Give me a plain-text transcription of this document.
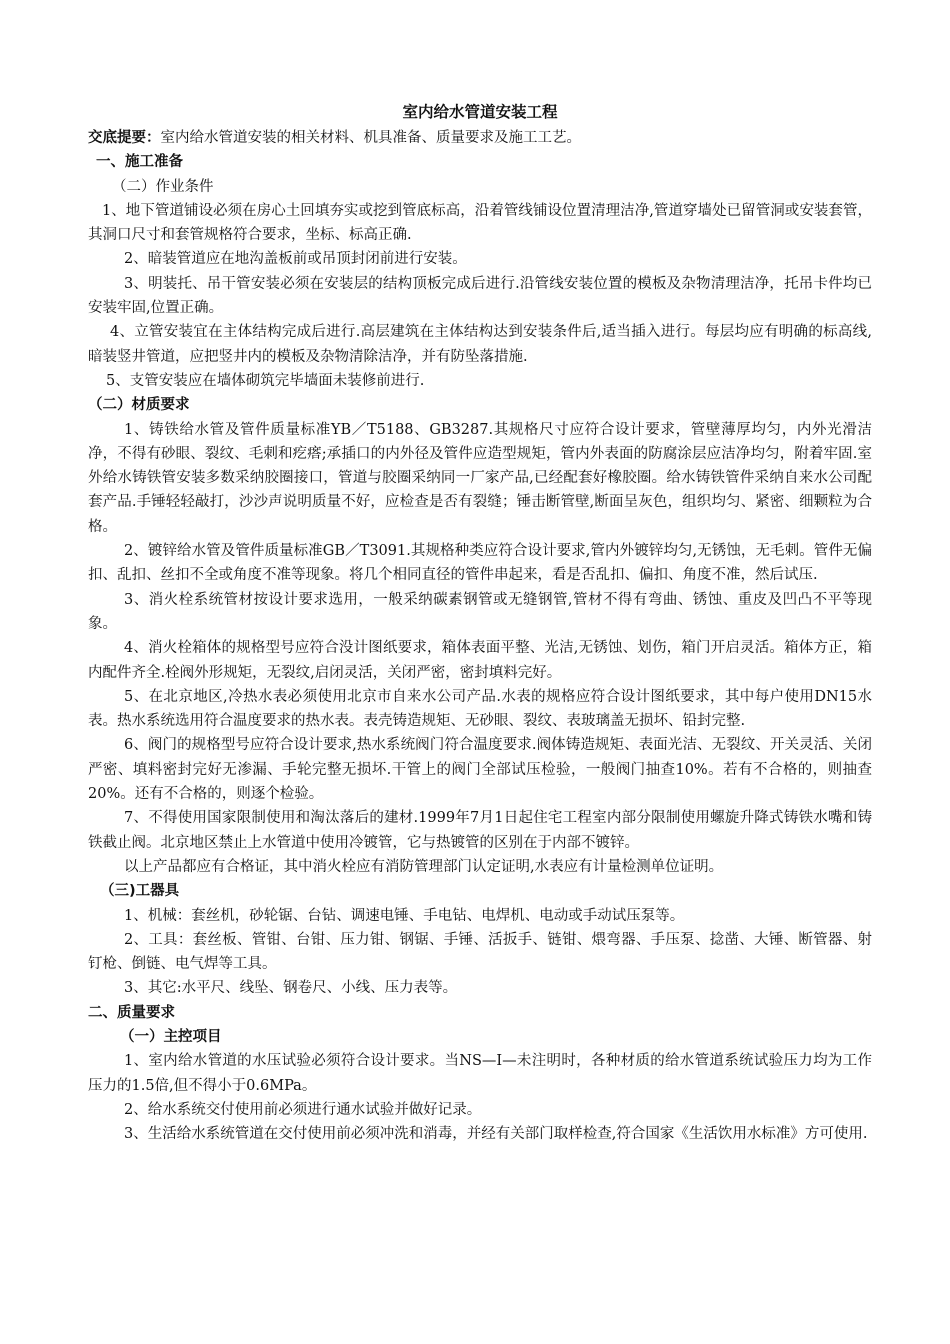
室内给水管道安装工程

交底提要：室内给水管道安装的相关材料、机具准备、质量要求及施工工艺。

一、施工准备
（二）作业条件

1、地下管道铺设必须在房心土回填夯实或挖到管底标高，沿着管线铺设位置清理洁净,管道穿墙处已留管洞或安装套管，其洞口尺寸和套管规格符合要求，坐标、标高正确.

2、暗装管道应在地沟盖板前或吊顶封闭前进行安装。

3、明装托、吊干管安装必须在安装层的结构顶板完成后进行.沿管线安装位置的模板及杂物清理洁净，托吊卡件均已安装牢固,位置正确。

4、立管安装宜在主体结构完成后进行.高层建筑在主体结构达到安装条件后,适当插入进行。每层均应有明确的标高线,暗装竖井管道，应把竖井内的模板及杂物清除洁净，并有防坠落措施.

5、支管安装应在墙体砌筑完毕墙面未装修前进行.

（二）材质要求

1、铸铁给水管及管件质量标准YB／T5188、GB3287.其规格尺寸应符合设计要求，管壁薄厚均匀，内外光滑洁净，不得有砂眼、裂纹、毛刺和疙瘩;承插口的内外径及管件应造型规矩，管内外表面的防腐涂层应洁净均匀，附着牢固.室外给水铸铁管安装多数采纳胶圈接口，管道与胶圈采纳同一厂家产品,已经配套好橡胶圈。给水铸铁管件采纳自来水公司配套产品.手锤轻轻敲打，沙沙声说明质量不好，应检查是否有裂缝；锤击断管壁,断面呈灰色，组织均匀、紧密、细颗粒为合格。

2、镀锌给水管及管件质量标准GB／T3091.其规格种类应符合设计要求,管内外镀锌均匀,无锈蚀，无毛刺。管件无偏扣、乱扣、丝扣不全或角度不准等现象。将几个相同直径的管件串起来，看是否乱扣、偏扣、角度不准，然后试压.

3、消火栓系统管材按设计要求选用，一般采纳碳素钢管或无缝钢管,管材不得有弯曲、锈蚀、重皮及凹凸不平等现象。

4、消火栓箱体的规格型号应符合没计图纸要求，箱体表面平整、光洁,无锈蚀、划伤，箱门开启灵活。箱体方正，箱内配件齐全.栓阀外形规矩，无裂纹,启闭灵活，关闭严密，密封填料完好。

5、在北京地区,冷热水表必须使用北京市自来水公司产品.水表的规格应符合设计图纸要求，其中每户使用DN15水表。热水系统选用符合温度要求的热水表。表壳铸造规矩、无砂眼、裂纹、表玻璃盖无损坏、铅封完整.

6、阀门的规格型号应符合设计要求,热水系统阀门符合温度要求.阀体铸造规矩、表面光洁、无裂纹、开关灵活、关闭严密、填料密封完好无渗漏、手轮完整无损坏.干管上的阀门全部试压检验，一般阀门抽查10%。若有不合格的，则抽查20%。还有不合格的，则逐个检验。

7、不得使用国家限制使用和淘汰落后的建材.1999年7月1日起住宅工程室内部分限制使用螺旋升降式铸铁水嘴和铸铁截止阀。北京地区禁止上水管道中使用冷镀管，它与热镀管的区别在于内部不镀锌。

以上产品都应有合格证，其中消火栓应有消防管理部门认定证明,水表应有计量检测单位证明。

（三)工器具

1、机械：套丝机，砂轮锯、台钻、调速电锤、手电钻、电焊机、电动或手动试压泵等。

2、工具：套丝板、管钳、台钳、压力钳、钢锯、手锤、活扳手、链钳、煨弯器、手压泵、捻凿、大锤、断管器、射钉枪、倒链、电气焊等工具。

3、其它:水平尺、线坠、钢卷尺、小线、压力表等。

二、质量要求
（一）主控项目

1、室内给水管道的水压试验必须符合设计要求。当NS—I—未注明时，各种材质的给水管道系统试验压力均为工作压力的1.5倍,但不得小于0.6MPa。

2、给水系统交付使用前必须进行通水试验并做好记录。

3、生活给水系统管道在交付使用前必须冲洗和消毒，并经有关部门取样检查,符合国家《生活饮用水标准》方可使用.
